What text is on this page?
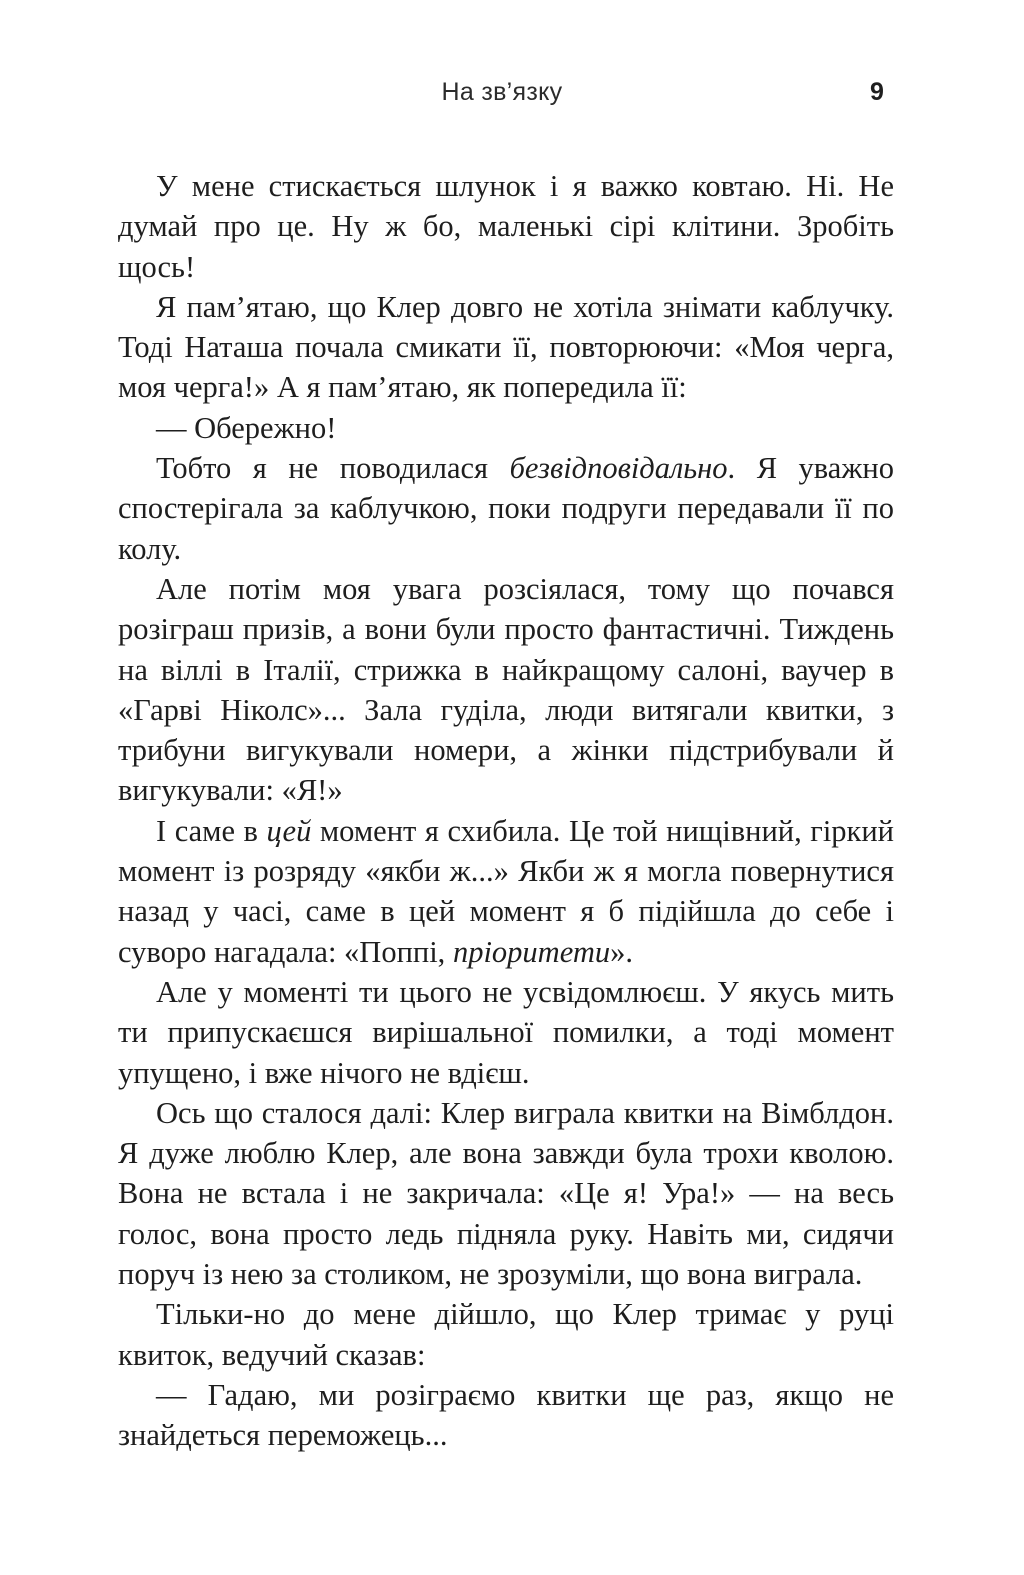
На зв’язку	9

У мене стискається шлунок і я важко ковтаю. Ні. Не думай про це. Ну ж бо, маленькі сірі клітини. Зробіть щось!

Я пам’ятаю, що Клер довго не хотіла знімати каблучку. Тоді Наташа почала смикати її, повторюючи: «Моя черга, моя черга!» А я пам’ятаю, як попередила її:

— Обережно!

Тобто я не поводилася безвідповідально. Я уважно спостерігала за каблучкою, поки подруги передавали її по колу.

Але потім моя увага розсіялася, тому що почався розіграш призів, а вони були просто фантастичні. Тиждень на віллі в Італії, стрижка в найкращому салоні, ваучер в «Гарві Ніколс»... Зала гуділа, люди витягали квитки, з трибуни вигукували номери, а жінки підстрибували й вигукували: «Я!»

І саме в цей момент я схибила. Це той нищівний, гіркий момент із розряду «якби ж...» Якби ж я могла повернутися назад у часі, саме в цей момент я б підійшла до себе і суворо нагадала: «Поппі, пріоритети».

Але у моменті ти цього не усвідомлюєш. У якусь мить ти припускаєшся вирішальної помилки, а тоді момент упущено, і вже нічого не вдієш.

Ось що сталося далі: Клер виграла квитки на Вімблдон. Я дуже люблю Клер, але вона завжди була трохи кволою. Вона не встала і не закричала: «Це я! Ура!» — на весь голос, вона просто ледь підняла руку. Навіть ми, сидячи поруч із нею за столиком, не зрозуміли, що вона виграла.

Тільки-но до мене дійшло, що Клер тримає у руці квиток, ведучий сказав:

— Гадаю, ми розіграємо квитки ще раз, якщо не знайдеться переможець...
